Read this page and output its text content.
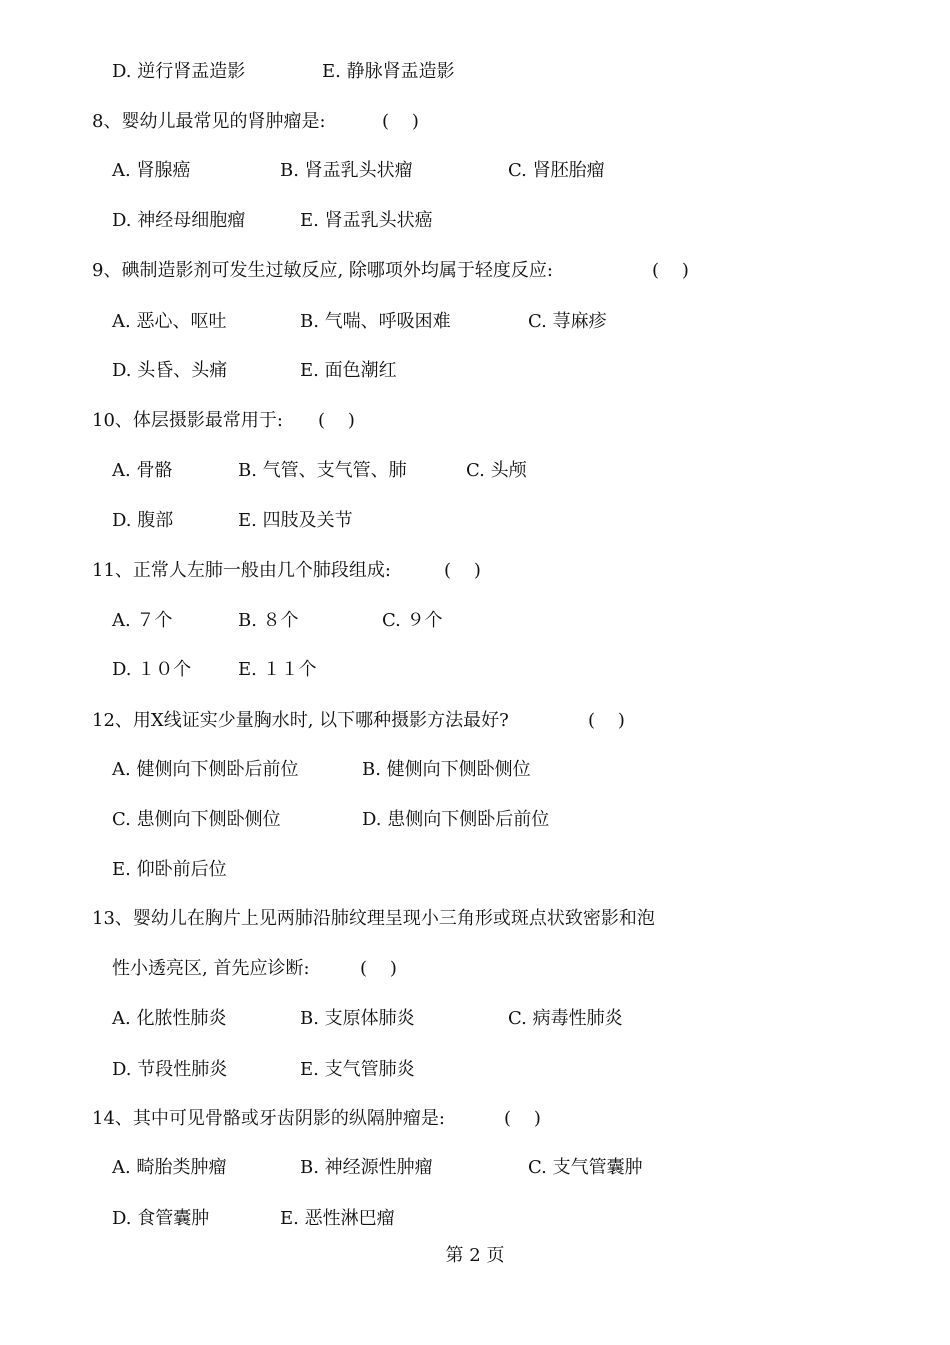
D. 逆行肾盂造影	E. 静脉肾盂造影
8、婴幼儿最常见的肾肿瘤是:	(    )
A. 肾腺癌	B. 肾盂乳头状瘤	C. 肾胚胎瘤
D. 神经母细胞瘤	E. 肾盂乳头状癌
9、碘制造影剂可发生过敏反应, 除哪项外均属于轻度反应:	(    )
A. 恶心、呕吐	B. 气喘、呼吸困难	C. 荨麻疹
D. 头昏、头痛	E. 面色潮红
10、体层摄影最常用于: (    )
A. 骨骼	B. 气管、支气管、肺	C. 头颅
D. 腹部	E. 四肢及关节
11、正常人左肺一般由几个肺段组成:	(    )
A. ７个	B. ８个	C. ９个
D. １０个	E. １１个
12、用X线证实少量胸水时, 以下哪种摄影方法最好?	(    )
A. 健侧向下侧卧后前位	B. 健侧向下侧卧侧位
C. 患侧向下侧卧侧位	D. 患侧向下侧卧后前位
E. 仰卧前后位
13、婴幼儿在胸片上见两肺沿肺纹理呈现小三角形或斑点状致密影和泡
性小透亮区, 首先应诊断:	(    )
A. 化脓性肺炎	B. 支原体肺炎	C. 病毒性肺炎
D. 节段性肺炎	E. 支气管肺炎
14、其中可见骨骼或牙齿阴影的纵隔肿瘤是:	(    )
A. 畸胎类肿瘤	B. 神经源性肿瘤	C. 支气管囊肿
D. 食管囊肿	E. 恶性淋巴瘤
第 2 页
